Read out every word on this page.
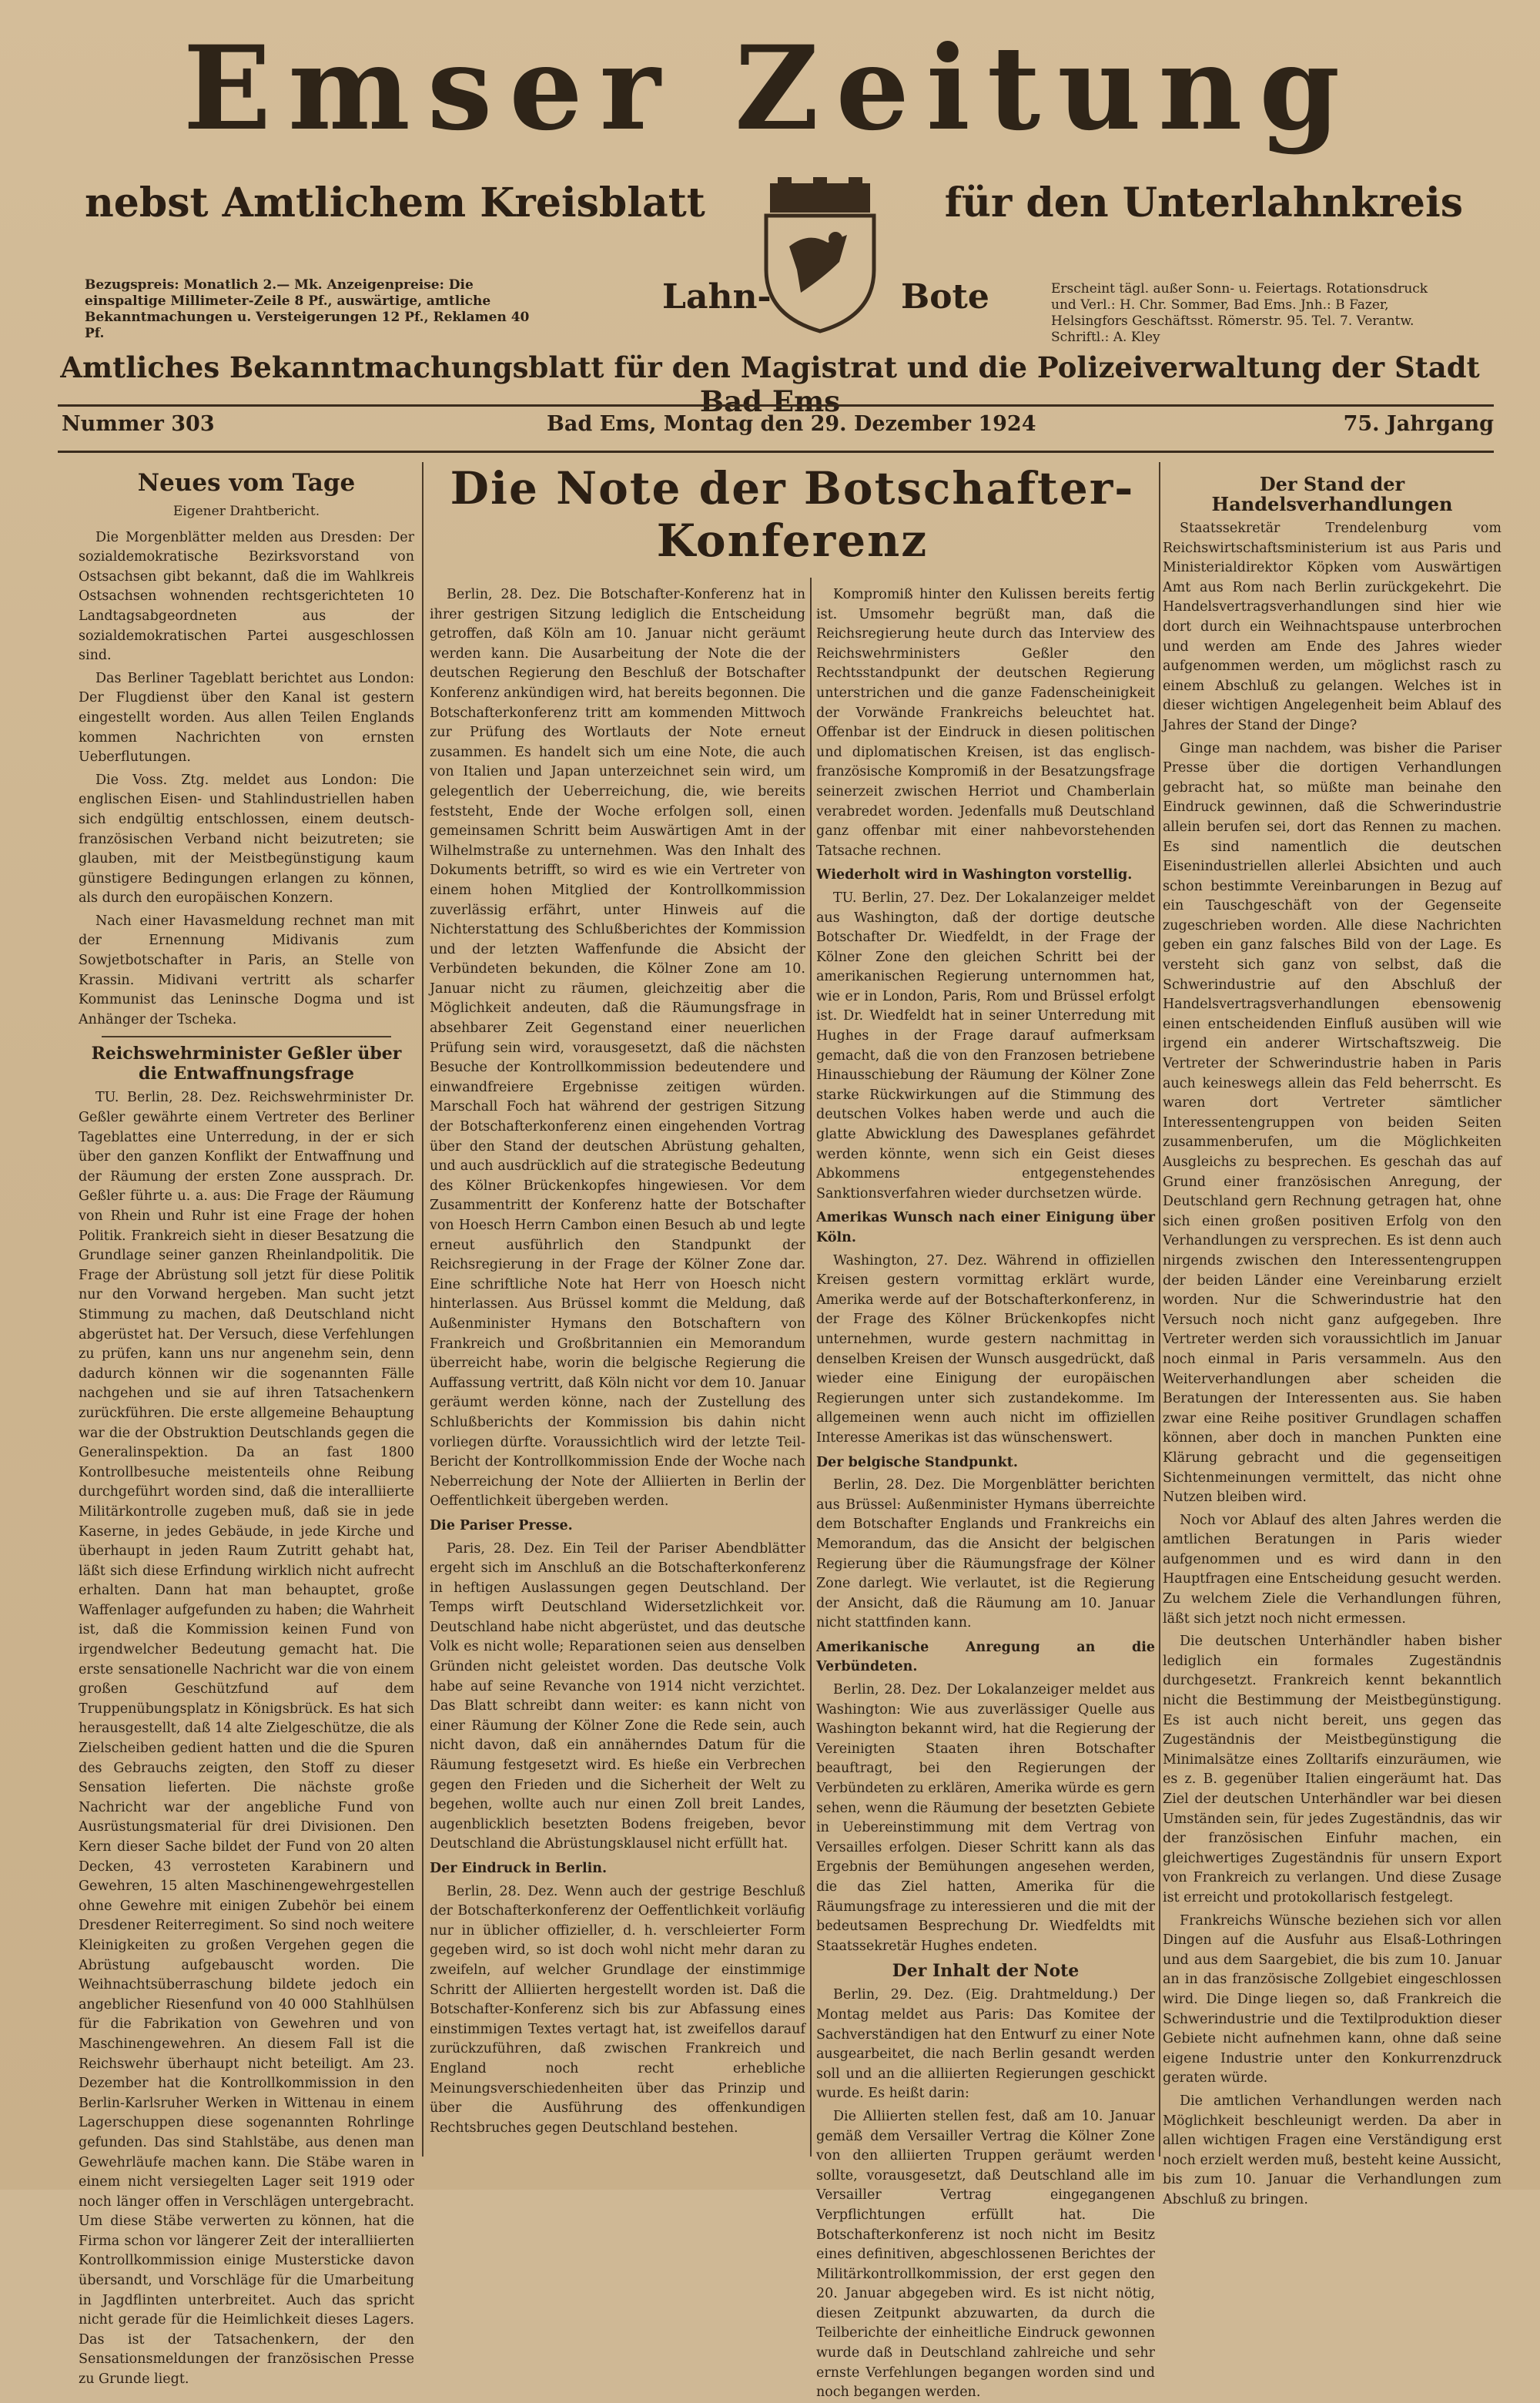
Emser Zeitung
nebst Amtlichem Kreisblatt	für den Unterlahnkreis
Lahn-	Bote
Bezugspreis: Monatlich 2.— Mk. Anzeigenpreise: Die einspaltige Millimeter-Zeile 8 Pf., auswärtige, amtliche Bekanntmachungen u. Versteigerungen 12 Pf., Reklamen 40 Pf.
Erscheint tägl. außer Sonn- u. Feiertags. Rotationsdruck und Verl.: H. Chr. Sommer, Bad Ems. Jnh.: B Fazer, Helsingfors Geschäftsst. Römerstr. 95. Tel. 7. Verantw. Schriftl.: A. Kley
Amtliches Bekanntmachungsblatt für den Magistrat und die Polizeiverwaltung der Stadt Bad Ems
Nummer 303	Bad Ems, Montag den 29. Dezember 1924	75. Jahrgang
Neues vom Tage
Eigener Drahtbericht.

Die Morgenblätter melden aus Dresden: Der sozialdemokratische Bezirksvorstand von Ostsachsen gibt bekannt, daß die im Wahlkreis Ostsachsen wohnenden rechtsgerichteten 10 Landtagsabgeordneten aus der sozialdemokratischen Partei ausgeschlossen sind.

Das Berliner Tageblatt berichtet aus London: Der Flugdienst über den Kanal ist gestern eingestellt worden. Aus allen Teilen Englands kommen Nachrichten von ernsten Ueberflutungen.

Die Voss. Ztg. meldet aus London: Die englischen Eisen- und Stahlindustriellen haben sich endgültig entschlossen, einem deutsch-französischen Verband nicht beizutreten; sie glauben, mit der Meistbegünstigung kaum günstigere Bedingungen erlangen zu können, als durch den europäischen Konzern.

Nach einer Havasmeldung rechnet man mit der Ernennung Midivanis zum Sowjetbotschafter in Paris, an Stelle von Krassin. Midivani vertritt als scharfer Kommunist das Leninsche Dogma und ist Anhänger der Tscheka.

Reichswehrminister Geßler über die Entwaffnungsfrage

TU. Berlin, 28. Dez. Reichswehrminister Dr. Geßler gewährte einem Vertreter des Berliner Tageblattes eine Unterredung, in der er sich über den ganzen Konflikt der Entwaffnung und der Räumung der ersten Zone aussprach. Dr. Geßler führte u. a. aus: Die Frage der Räumung von Rhein und Ruhr ist eine Frage der hohen Politik. Frankreich sieht in dieser Besatzung die Grundlage seiner ganzen Rheinlandpolitik. Die Frage der Abrüstung soll jetzt für diese Politik nur den Vorwand hergeben. Man sucht jetzt Stimmung zu machen, daß Deutschland nicht abgerüstet hat. Der Versuch, diese Verfehlungen zu prüfen, kann uns nur angenehm sein, denn dadurch können wir die sogenannten Fälle nachgehen und sie auf ihren Tatsachenkern zurückführen. Die erste allgemeine Behauptung war die der Obstruktion Deutschlands gegen die Generalinspektion. Da an fast 1800 Kontrollbesuche meistenteils ohne Reibung durchgeführt worden sind, daß die interalliierte Militärkontrolle zugeben muß, daß sie in jede Kaserne, in jedes Gebäude, in jede Kirche und überhaupt in jeden Raum Zutritt gehabt hat, läßt sich diese Erfindung wirklich nicht aufrecht erhalten. Dann hat man behauptet, große Waffenlager aufgefunden zu haben; die Wahrheit ist, daß die Kommission keinen Fund von irgendwelcher Bedeutung gemacht hat. Die erste sensationelle Nachricht war die von einem großen Geschützfund auf dem Truppenübungsplatz in Königsbrück. Es hat sich herausgestellt, daß 14 alte Zielgeschütze, die als Zielscheiben gedient hatten und die die Spuren des Gebrauchs zeigten, den Stoff zu dieser Sensation lieferten. Die nächste große Nachricht war der angebliche Fund von Ausrüstungsmaterial für drei Divisionen. Den Kern dieser Sache bildet der Fund von 20 alten Decken, 43 verrosteten Karabinern und Gewehren, 15 alten Maschinengewehrgestellen ohne Gewehre mit einigen Zubehör bei einem Dresdener Reiterregiment. So sind noch weitere Kleinigkeiten zu großen Vergehen gegen die Abrüstung aufgebauscht worden. Die Weihnachtsüberraschung bildete jedoch ein angeblicher Riesenfund von 40 000 Stahlhülsen für die Fabrikation von Gewehren und von Maschinengewehren. An diesem Fall ist die Reichswehr überhaupt nicht beteiligt. Am 23. Dezember hat die Kontrollkommission in den Berlin-Karlsruher Werken in Wittenau in einem Lagerschuppen diese sogenannten Rohrlinge gefunden. Das sind Stahlstäbe, aus denen man Gewehrläufe machen kann. Die Stäbe waren in einem nicht versiegelten Lager seit 1919 oder noch länger offen in Verschlägen untergebracht. Um diese Stäbe verwerten zu können, hat die Firma schon vor längerer Zeit der interalliierten Kontrollkommission einige Mustersticke davon übersandt, und Vorschläge für die Umarbeitung in Jagdflinten unterbreitet. Auch das spricht nicht gerade für die Heimlichkeit dieses Lagers. Das ist der Tatsachenkern, der den Sensationsmeldungen der französischen Presse zu Grunde liegt.

Die Note der Botschafter-Konferenz

Berlin, 28. Dez. Die Botschafter-Konferenz hat in ihrer gestrigen Sitzung lediglich die Entscheidung getroffen, daß Köln am 10. Januar nicht geräumt werden kann. Die Ausarbeitung der Note die der deutschen Regierung den Beschluß der Botschafter Konferenz ankündigen wird, hat bereits begonnen. Die Botschafterkonferenz tritt am kommenden Mittwoch zur Prüfung des Wortlauts der Note erneut zusammen. Es handelt sich um eine Note, die auch von Italien und Japan unterzeichnet sein wird, um gelegentlich der Ueberreichung, die, wie bereits feststeht, Ende der Woche erfolgen soll, einen gemeinsamen Schritt beim Auswärtigen Amt in der Wilhelmstraße zu unternehmen. Was den Inhalt des Dokuments betrifft, so wird es wie ein Vertreter von einem hohen Mitglied der Kontrollkommission zuverlässig erfährt, unter Hinweis auf die Nichterstattung des Schlußberichtes der Kommission und der letzten Waffenfunde die Absicht der Verbündeten bekunden, die Kölner Zone am 10. Januar nicht zu räumen, gleichzeitig aber die Möglichkeit andeuten, daß die Räumungsfrage in absehbarer Zeit Gegenstand einer neuerlichen Prüfung sein wird, vorausgesetzt, daß die nächsten Besuche der Kontrollkommission bedeutendere und einwandfreiere Ergebnisse zeitigen würden. Marschall Foch hat während der gestrigen Sitzung der Botschafterkonferenz einen eingehenden Vortrag über den Stand der deutschen Abrüstung gehalten, und auch ausdrücklich auf die strategische Bedeutung des Kölner Brückenkopfes hingewiesen. Vor dem Zusammentritt der Konferenz hatte der Botschafter von Hoesch Herrn Cambon einen Besuch ab und legte erneut ausführlich den Standpunkt der Reichsregierung in der Frage der Kölner Zone dar. Eine schriftliche Note hat Herr von Hoesch nicht hinterlassen. Aus Brüssel kommt die Meldung, daß Außenminister Hymans den Botschaftern von Frankreich und Großbritannien ein Memorandum überreicht habe, worin die belgische Regierung die Auffassung vertritt, daß Köln nicht vor dem 10. Januar geräumt werden könne, nach der Zustellung des Schlußberichts der Kommission bis dahin nicht vorliegen dürfte. Voraussichtlich wird der letzte Teil-Bericht der Kontrollkommission Ende der Woche nach Neberreichung der Note der Alliierten in Berlin der Oeffentlichkeit übergeben werden.

Die Pariser Presse.

Paris, 28. Dez. Ein Teil der Pariser Abendblätter ergeht sich im Anschluß an die Botschafterkonferenz in heftigen Auslassungen gegen Deutschland. Der Temps wirft Deutschland Widersetzlichkeit vor. Deutschland habe nicht abgerüstet, und das deutsche Volk es nicht wolle; Reparationen seien aus denselben Gründen nicht geleistet worden. Das deutsche Volk habe auf seine Revanche von 1914 nicht verzichtet. Das Blatt schreibt dann weiter: es kann nicht von einer Räumung der Kölner Zone die Rede sein, auch nicht davon, daß ein annäherndes Datum für die Räumung festgesetzt wird. Es hieße ein Verbrechen gegen den Frieden und die Sicherheit der Welt zu begehen, wollte auch nur einen Zoll breit Landes, augenblicklich besetzten Bodens freigeben, bevor Deutschland die Abrüstungsklausel nicht erfüllt hat.

Der Eindruck in Berlin.

Berlin, 28. Dez. Wenn auch der gestrige Beschluß der Botschafterkonferenz der Oeffentlichkeit vorläufig nur in üblicher offizieller, d. h. verschleierter Form gegeben wird, so ist doch wohl nicht mehr daran zu zweifeln, auf welcher Grundlage der einstimmige Schritt der Alliierten hergestellt worden ist. Daß die Botschafter-Konferenz sich bis zur Abfassung eines einstimmigen Textes vertagt hat, ist zweifellos darauf zurückzuführen, daß zwischen Frankreich und England noch recht erhebliche Meinungsverschiedenheiten über das Prinzip und über die Ausführung des offenkundigen Rechtsbruches gegen Deutschland bestehen.

Kompromiß hinter den Kulissen bereits fertig ist. Umsomehr begrüßt man, daß die Reichsregierung heute durch das Interview des Reichswehrministers Geßler den Rechtsstandpunkt der deutschen Regierung unterstrichen und die ganze Fadenscheinigkeit der Vorwände Frankreichs beleuchtet hat. Offenbar ist der Eindruck in diesen politischen und diplomatischen Kreisen, ist das englisch-französische Kompromiß in der Besatzungsfrage seinerzeit zwischen Herriot und Chamberlain verabredet worden. Jedenfalls muß Deutschland ganz offenbar mit einer nahbevorstehenden Tatsache rechnen.

Wiederholt wird in Washington vorstellig.

TU. Berlin, 27. Dez. Der Lokalanzeiger meldet aus Washington, daß der dortige deutsche Botschafter Dr. Wiedfeldt, in der Frage der Kölner Zone den gleichen Schritt bei der amerikanischen Regierung unternommen hat, wie er in London, Paris, Rom und Brüssel erfolgt ist. Dr. Wiedfeldt hat in seiner Unterredung mit Hughes in der Frage darauf aufmerksam gemacht, daß die von den Franzosen betriebene Hinausschiebung der Räumung der Kölner Zone starke Rückwirkungen auf die Stimmung des deutschen Volkes haben werde und auch die glatte Abwicklung des Dawesplanes gefährdet werden könnte, wenn sich ein Geist dieses Abkommens entgegenstehendes Sanktionsverfahren wieder durchsetzen würde.

Amerikas Wunsch nach einer Einigung über Köln.

Washington, 27. Dez. Während in offiziellen Kreisen gestern vormittag erklärt wurde, Amerika werde auf der Botschafterkonferenz, in der Frage des Kölner Brückenkopfes nicht unternehmen, wurde gestern nachmittag in denselben Kreisen der Wunsch ausgedrückt, daß wieder eine Einigung der europäischen Regierungen unter sich zustandekomme. Im allgemeinen wenn auch nicht im offiziellen Interesse Amerikas ist das wünschenswert.

Der belgische Standpunkt.

Berlin, 28. Dez. Die Morgenblätter berichten aus Brüssel: Außenminister Hymans überreichte dem Botschafter Englands und Frankreichs ein Memorandum, das die Ansicht der belgischen Regierung über die Räumungsfrage der Kölner Zone darlegt. Wie verlautet, ist die Regierung der Ansicht, daß die Räumung am 10. Januar nicht stattfinden kann.

Amerikanische Anregung an die Verbündeten.

Berlin, 28. Dez. Der Lokalanzeiger meldet aus Washington: Wie aus zuverlässiger Quelle aus Washington bekannt wird, hat die Regierung der Vereinigten Staaten ihren Botschafter beauftragt, bei den Regierungen der Verbündeten zu erklären, Amerika würde es gern sehen, wenn die Räumung der besetzten Gebiete in Uebereinstimmung mit dem Vertrag von Versailles erfolgen. Dieser Schritt kann als das Ergebnis der Bemühungen angesehen werden, die das Ziel hatten, Amerika für die Räumungsfrage zu interessieren und die mit der bedeutsamen Besprechung Dr. Wiedfeldts mit Staatssekretär Hughes endeten.

Der Inhalt der Note

Berlin, 29. Dez. (Eig. Drahtmeldung.) Der Montag meldet aus Paris: Das Komitee der Sachverständigen hat den Entwurf zu einer Note ausgearbeitet, die nach Berlin gesandt werden soll und an die alliierten Regierungen geschickt wurde. Es heißt darin:

Die Alliierten stellen fest, daß am 10. Januar gemäß dem Versailler Vertrag die Kölner Zone von den alliierten Truppen geräumt werden sollte, vorausgesetzt, daß Deutschland alle im Versailler Vertrag eingegangenen Verpflichtungen erfüllt hat. Die Botschafterkonferenz ist noch nicht im Besitz eines definitiven, abgeschlossenen Berichtes der Militärkontrollkommission, der erst gegen den 20. Januar abgegeben wird. Es ist nicht nötig, diesen Zeitpunkt abzuwarten, da durch die Teilberichte der einheitliche Eindruck gewonnen wurde daß in Deutschland zahlreiche und sehr ernste Verfehlungen begangen worden sind und noch begangen werden.

Der Stand der Handelsverhandlungen

Staatssekretär Trendelenburg vom Reichswirtschaftsministerium ist aus Paris und Ministerialdirektor Köpken vom Auswärtigen Amt aus Rom nach Berlin zurückgekehrt. Die Handelsvertragsverhandlungen sind hier wie dort durch ein Weihnachtspause unterbrochen und werden am Ende des Jahres wieder aufgenommen werden, um möglichst rasch zu einem Abschluß zu gelangen. Welches ist in dieser wichtigen Angelegenheit beim Ablauf des Jahres der Stand der Dinge?

Ginge man nachdem, was bisher die Pariser Presse über die dortigen Verhandlungen gebracht hat, so müßte man beinahe den Eindruck gewinnen, daß die Schwerindustrie allein berufen sei, dort das Rennen zu machen. Es sind namentlich die deutschen Eisenindustriellen allerlei Absichten und auch schon bestimmte Vereinbarungen in Bezug auf ein Tauschgeschäft von der Gegenseite zugeschrieben worden. Alle diese Nachrichten geben ein ganz falsches Bild von der Lage. Es versteht sich ganz von selbst, daß die Schwerindustrie auf den Abschluß der Handelsvertragsverhandlungen ebensowenig einen entscheidenden Einfluß ausüben will wie irgend ein anderer Wirtschaftszweig. Die Vertreter der Schwerindustrie haben in Paris auch keineswegs allein das Feld beherrscht. Es waren dort Vertreter sämtlicher Interessentengruppen von beiden Seiten zusammenberufen, um die Möglichkeiten Ausgleichs zu besprechen. Es geschah das auf Grund einer französischen Anregung, der Deutschland gern Rechnung getragen hat, ohne sich einen großen positiven Erfolg von den Verhandlungen zu versprechen. Es ist denn auch nirgends zwischen den Interessentengruppen der beiden Länder eine Vereinbarung erzielt worden. Nur die Schwerindustrie hat den Versuch noch nicht ganz aufgegeben. Ihre Vertreter werden sich voraussichtlich im Januar noch einmal in Paris versammeln. Aus den Weiterverhandlungen aber scheiden die Beratungen der Interessenten aus. Sie haben zwar eine Reihe positiver Grundlagen schaffen können, aber doch in manchen Punkten eine Klärung gebracht und die gegenseitigen Sichtenmeinungen vermittelt, das nicht ohne Nutzen bleiben wird.

Noch vor Ablauf des alten Jahres werden die amtlichen Beratungen in Paris wieder aufgenommen und es wird dann in den Hauptfragen eine Entscheidung gesucht werden. Zu welchem Ziele die Verhandlungen führen, läßt sich jetzt noch nicht ermessen.

Die deutschen Unterhändler haben bisher lediglich ein formales Zugeständnis durchgesetzt. Frankreich kennt bekanntlich nicht die Bestimmung der Meistbegünstigung. Es ist auch nicht bereit, uns gegen das Zugeständnis der Meistbegünstigung die Minimalsätze eines Zolltarifs einzuräumen, wie es z. B. gegenüber Italien eingeräumt hat. Das Ziel der deutschen Unterhändler war bei diesen Umständen sein, für jedes Zugeständnis, das wir der französischen Einfuhr machen, ein gleichwertiges Zugeständnis für unsern Export von Frankreich zu verlangen. Und diese Zusage ist erreicht und protokollarisch festgelegt.

Frankreichs Wünsche beziehen sich vor allen Dingen auf die Ausfuhr aus Elsaß-Lothringen und aus dem Saargebiet, die bis zum 10. Januar an in das französische Zollgebiet eingeschlossen wird. Die Dinge liegen so, daß Frankreich die Schwerindustrie und die Textilproduktion dieser Gebiete nicht aufnehmen kann, ohne daß seine eigene Industrie unter den Konkurrenzdruck geraten würde.

Die amtlichen Verhandlungen werden nach Möglichkeit beschleunigt werden. Da aber in allen wichtigen Fragen eine Verständigung erst noch erzielt werden muß, besteht keine Aussicht, bis zum 10. Januar die Verhandlungen zum Abschluß zu bringen.
